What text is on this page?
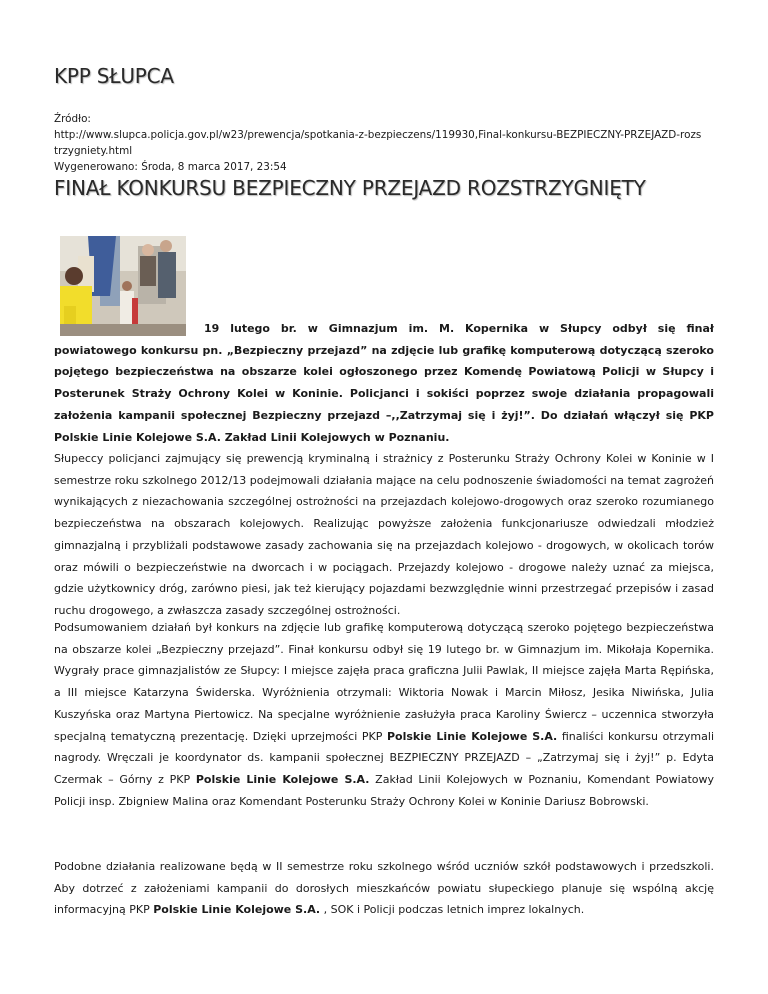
KPP SŁUPCA
Źródło:
http://www.slupca.policja.gov.pl/w23/prewencja/spotkania-z-bezpieczens/119930,Final-konkursu-BEZPIECZNY-PRZEJAZD-rozs
trzygniety.html
Wygenerowano: Środa, 8 marca 2017, 23:54
FINAŁ KONKURSU BEZPIECZNY PRZEJAZD ROZSTRZYGNIĘTY
19 lutego br. w Gimnazjum im. M. Kopernika w Słupcy odbył się finał powiatowego konkursu pn. „Bezpieczny przejazd” na zdjęcie lub grafikę komputerową dotyczącą szeroko pojętego bezpieczeństwa na obszarze kolei ogłoszonego przez Komendę Powiatową Policji w Słupcy i Posterunek Straży Ochrony Kolei w Koninie. Policjanci i sokiści poprzez swoje działania propagowali założenia kampanii społecznej Bezpieczny przejazd –,,Zatrzymaj się i żyj!”. Do działań włączył się PKP Polskie Linie Kolejowe S.A. Zakład Linii Kolejowych w Poznaniu.
Słupeccy policjanci zajmujący się prewencją kryminalną i strażnicy z Posterunku Straży Ochrony Kolei w Koninie w I semestrze roku szkolnego 2012/13 podejmowali działania mające na celu podnoszenie świadomości na temat zagrożeń wynikających z niezachowania szczególnej ostrożności na przejazdach kolejowo-drogowych oraz szeroko rozumianego bezpieczeństwa na obszarach kolejowych. Realizując powyższe założenia funkcjonariusze odwiedzali młodzież gimnazjalną i przybliżali podstawowe zasady zachowania się na przejazdach kolejowo - drogowych, w okolicach torów oraz mówili o bezpieczeństwie na dworcach i w pociągach. Przejazdy kolejowo - drogowe należy uznać za miejsca, gdzie użytkownicy dróg, zarówno piesi, jak też kierujący pojazdami bezwzględnie winni przestrzegać przepisów i zasad ruchu drogowego, a zwłaszcza zasady szczególnej ostrożności.
Podsumowaniem działań był konkurs na zdjęcie lub grafikę komputerową dotyczącą szeroko pojętego bezpieczeństwa na obszarze kolei „Bezpieczny przejazd”. Finał konkursu odbył się 19 lutego br. w Gimnazjum im. Mikołaja Kopernika. Wygrały prace gimnazjalistów ze Słupcy: I miejsce zajęła praca graficzna Julii Pawlak, II miejsce zajęła Marta Rępińska, a III miejsce Katarzyna Świderska. Wyróżnienia otrzymali: Wiktoria Nowak i Marcin Miłosz, Jesika Niwińska, Julia Kuszyńska oraz Martyna Piertowicz. Na specjalne wyróżnienie zasłużyła praca Karoliny Świercz – uczennica stworzyła specjalną tematyczną prezentację. Dzięki uprzejmości PKP Polskie Linie Kolejowe S.A. finaliści konkursu otrzymali nagrody. Wręczali je koordynator ds. kampanii społecznej BEZPIECZNY PRZEJAZD – „Zatrzymaj się i żyj!” p. Edyta Czermak – Górny z PKP Polskie Linie Kolejowe S.A. Zakład Linii Kolejowych w Poznaniu, Komendant Powiatowy Policji insp. Zbigniew Malina oraz Komendant Posterunku Straży Ochrony Kolei w Koninie Dariusz Bobrowski.
Podobne działania realizowane będą w II semestrze roku szkolnego wśród uczniów szkół podstawowych i przedszkoli. Aby dotrzeć z założeniami kampanii do dorosłych mieszkańców powiatu słupeckiego planuje się wspólną akcję informacyjną PKP Polskie Linie Kolejowe S.A. , SOK i Policji podczas letnich imprez lokalnych.
